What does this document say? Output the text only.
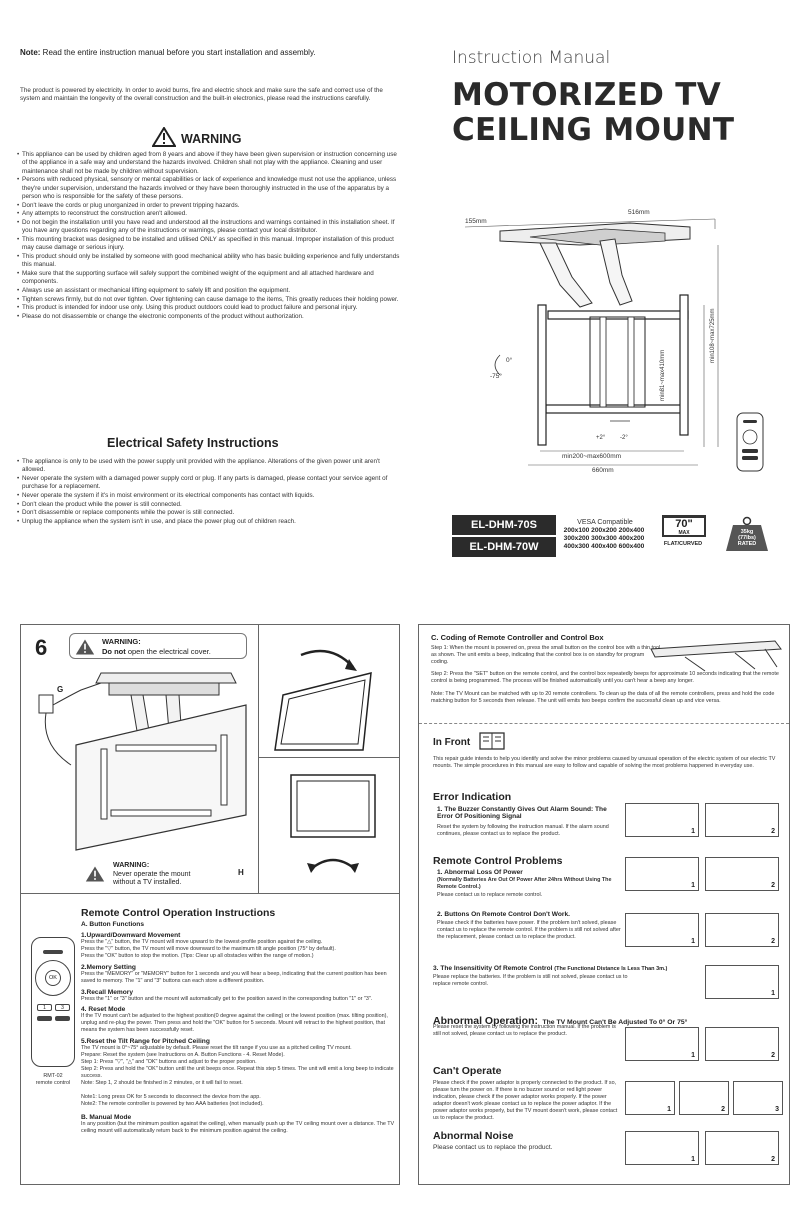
Note: Read the entire instruction manual before you start installation and assembly.
The product is powered by electricity. In order to avoid burns, fire and electric shock and make sure the safe and correct use of the system and maintain the longevity of the overall construction and the built-in electronics, please read the instructions carefully.
WARNING
• This appliance can be used by children aged from 8 years and above if they have been given supervision or instruction concerning use of the appliance in a safe way and understand the hazards involved. Children shall not play with the appliance. Cleaning and user maintenance shall not be made by children without supervision.
• Persons with reduced physical, sensory or mental capabilities or lack of experience and knowledge must not use the appliance, unless they're under supervision, understand the hazards involved or they have been thoroughly instructed in the use of the apparatus by a person who is responsible for the safety of these persons.
• Don't leave the cords or plug unorganized in order to prevent tripping hazards.
• Any attempts to reconstruct the construction aren't allowed.
• Do not begin the installation until you have read and understood all the instructions and warnings contained in this installation sheet. If you have any questions regarding any of the instructions or warnings, please contact your local distributor.
• This mounting bracket was designed to be installed and utilised ONLY as specified in this manual. Improper installation of this product may cause damage or serious injury.
• This product should only be installed by someone with good mechanical ability who has basic building experience and fully understands this manual.
• Make sure that the supporting surface will safely support the combined weight of the equipment and all attached hardware and components.
• Always use an assistant or mechanical lifting equipment to safely lift and position the equipment.
• Tighten screws firmly, but do not over tighten. Over tightening can cause damage to the items, This greatly reduces their holding power.
• This product is intended for indoor use only. Using this product outdoors could lead to product failure and personal injury.
• Please do not disassemble or change the electronic components of the product without authorization.
Electrical Safety Instructions
• The appliance is only to be used with the power supply unit provided with the appliance. Alterations of the given power unit aren't allowed.
• Never operate the system with a damaged power supply cord or plug. If any parts is damaged, please contact your service agent of purchase for a replacement.
• Never operate the system if it's in moist environment or its electrical components has contact with liquids.
• Don't clean the product while the power is still connected.
• Don't disassemble or replace components while the power is still connected.
• Unplug the appliance when the system isn't in use, and place the power plug out of children reach.
Instruction Manual
MOTORIZED TV
CEILING MOUNT
155mm
516mm
660mm
min200~max600mm
min81~max410mm
min108~max725mm
0°
-75°
+2° -2°
EL-DHM-70S
EL-DHM-70W
VESA Compatible
200x100 200x200 200x400
300x200 300x300 400x200
400x300 400x400 600x400
70"
MAX
FLAT/CURVED
35kg
(77lbs)
RATED
6	WARNING:
Do not open the electrical cover.
G
H
WARNING:
Never operate the mount without a TV installed.
Remote Control Operation Instructions
OK
1	3
RMT-02
remote control
A. Button Functions
1.Upward/Downward Movement
Press the "△" button, the TV mount will move upward to the lowest-profile position against the ceiling.
Press the "▽" button, the TV mount will move downward to the maximum tilt angle position (75° by default).
Press the "OK" button to stop the motion. (Tips: Clear up all obstacles within the range of motion.)
2.Memory Setting
Press the "MEMORY" or "MEMORY" button for 1 seconds and you will hear a beep, indicating that the current position has been saved to memory. The "1" and "3" buttons can each store a different position.
3.Recall Memory
Press the "1" or "3" button and the mount will automatically get to the position saved in the corresponding button "1" or "3".
4. Reset Mode
If the TV mount can't be adjusted to the highest position(0 degree against the ceiling) or the lowest position (max. tilting position), unplug and re-plug the power. Then press and hold the "OK" button for 5 seconds. Mount will retract to the highest position, that means the system has been successfully reset.
5.Reset the Tilt Range for Pitched Ceiling
The TV mount is 0°~75° adjustable by default. Please reset the tilt range if you use as a pitched ceiling TV mount.
Prepare: Reset the system (see Instructions on A. Button Functions - 4. Reset Mode).
Step 1: Press "▽", "△" and "OK" buttons and adjust to the proper position.
Step 2: Press and hold the "OK" button until the unit beeps once. Repeat this step 5 times. The unit will emit a long beep to indicate success.
Note: Step 1, 2 should be finished in 2 minutes, or it will fail to reset.
Note1: Long press OK for 5 seconds to disconnect the device from the app.
Note2: The remote controller is powered by two AAA batteries (not included).
B. Manual Mode
In any position (but the minimum position against the ceiling), when manually push up the TV ceiling mount over a distance. The TV ceiling mount will automatically return back to the minimum position against the ceiling.
C. Coding of Remote Controller and Control Box
Step 1: When the mount is powered on, press the small button on the control box with a thin tool as shown. The unit emits a beep, indicating that the control box is on standby for program coding.
Step 2: Press the "SET" button on the remote control, and the control box repeatedly beeps for approximate 10 seconds indicating that the remote control is being programmed. The process will be finished automatically until you can't hear a beep any longer.
Note: The TV Mount can be matched with up to 20 remote controllers. To clean up the data of all the remote controllers, press and hold the code matching button for 5 seconds then release. The unit will emits two beeps confirm the successful clean up and vice versa.
In Front
This repair guide intends to help you identify and solve the minor problems caused by unusual operation of the electric system of our electric TV mounts. The simple procedures in this manual are easy to follow and capable of solving the most problems happened in everyday use.
Error Indication
1. The Buzzer Constantly Gives Out Alarm Sound: The Error Of Positioning Signal
Reset the system by following the instruction manual. If the alarm sound continues, please contact us to replace the product.	1	2
Remote Control Problems
1. Abnormal Loss Of Power
(Normally Batteries Are Out Of Power After 24hrs Without Using The Remote Control.)
Please contact us to replace remote control.
1	2
2. Buttons On Remote Control Don't Work.
Please check if the batteries have power. If the problem isn't solved, please contact us to replace the remote control. If the problem is still not solved after the replacement, please contact us to replace the product.
1	2
3. The Insensitivity Of Remote Control (The Functional Distance Is Less Than 3m.)
Please replace the batteries. If the problem is still not solved, please contact us to replace remote control.
1
Abnormal Operation: The TV Mount Can't Be Adjusted To 0° Or 75°
Please reset the system by following the instruction manual. If the problem is still not solved, please contact us to replace the product.
1	2
Can't Operate
Please check if the power adaptor is properly connected to the product. If so, please turn the power on. If there is no buzzer sound or red light power indication, please check if the power adaptor works properly. If the power adaptor doesn't work please contact us to replace the power adaptor. If the power adaptor works properly, but the TV mount doesn't work, please contact us to replace the product.
1	2	3
Abnormal Noise
Please contact us to replace the product.
1	2
